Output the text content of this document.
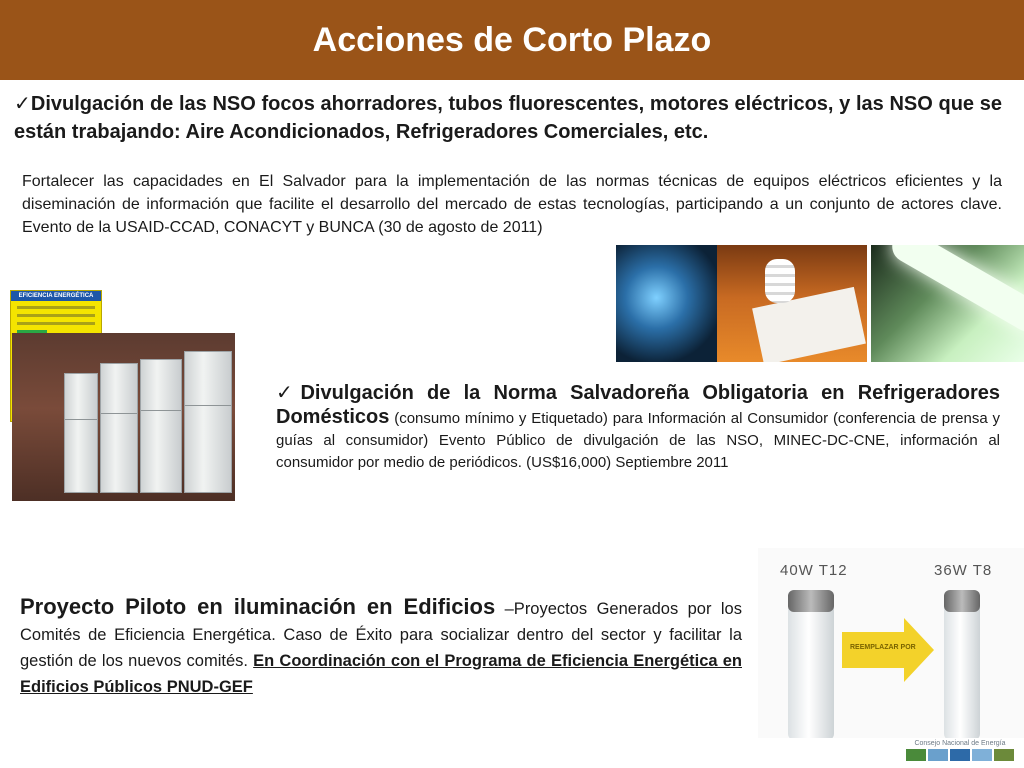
Acciones de Corto Plazo
✓Divulgación de las NSO focos ahorradores, tubos fluorescentes, motores eléctricos, y las NSO que se están trabajando: Aire Acondicionados, Refrigeradores Comerciales, etc.
Fortalecer las capacidades en El Salvador para la implementación de las normas técnicas de equipos eléctricos eficientes y la diseminación de información que facilite el desarrollo del mercado de estas tecnologías, participando a un conjunto de actores clave. Evento de la USAID-CCAD, CONACYT y BUNCA (30 de agosto de 2011)
EFICIENCIA ENERGÉTICA
✓Divulgación de la Norma Salvadoreña Obligatoria en Refrigeradores Domésticos (consumo mínimo y Etiquetado) para Información al Consumidor (conferencia de prensa y guías al consumidor) Evento Público de divulgación de las NSO, MINEC-DC-CNE, información al consumidor por medio de periódicos. (US$16,000) Septiembre 2011
Proyecto Piloto en iluminación en Edificios –Proyectos Generados por los Comités de Eficiencia Energética. Caso de Éxito para socializar dentro del sector y facilitar la gestión de los nuevos comités. En Coordinación con el Programa de Eficiencia Energética en Edificios Públicos PNUD-GEF
40W T12	36W T8
REEMPLAZAR POR
Consejo Nacional de Energía
